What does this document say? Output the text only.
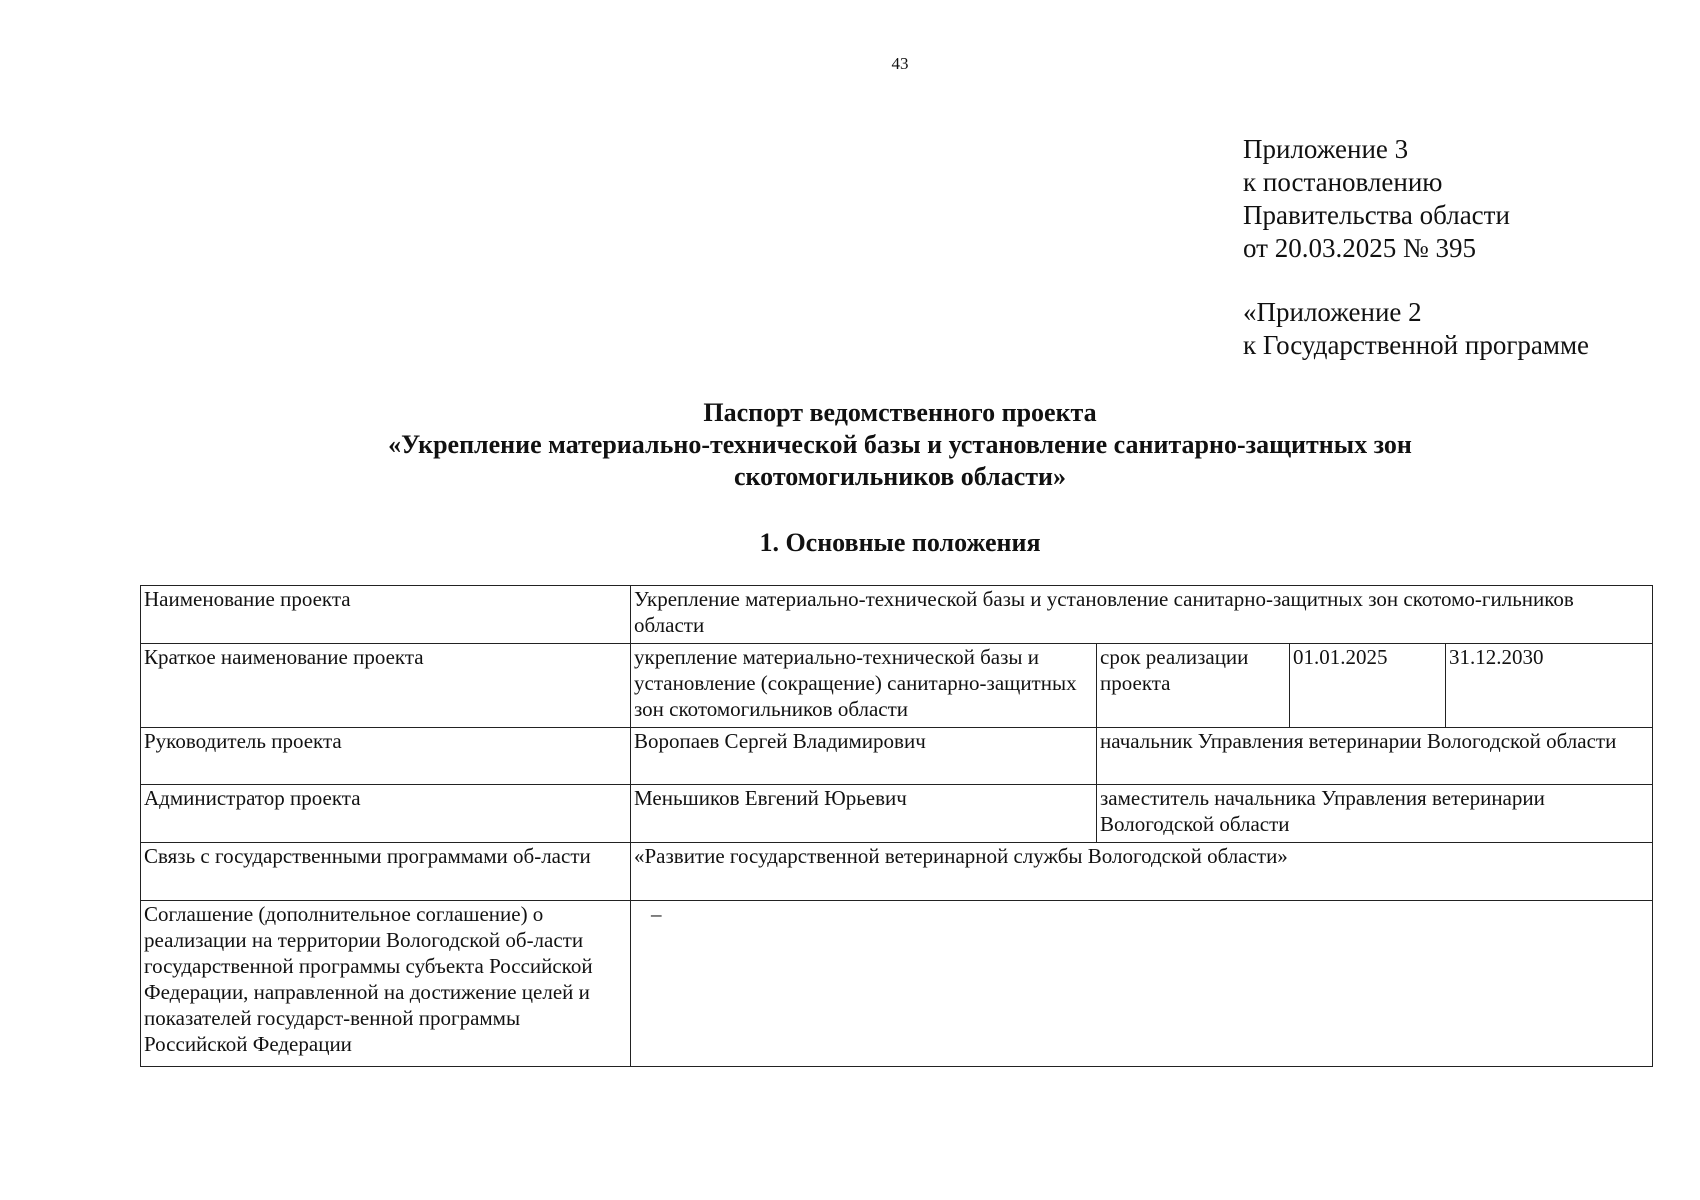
43
Приложение 3
к постановлению
Правительства области
от 20.03.2025 № 395
«Приложение 2
к Государственной программе
Паспорт ведомственного проекта
«Укрепление материально-технической базы и установление санитарно-защитных зон
скотомогильников области»
1. Основные положения
Наименование проекта	Укрепление материально-технической базы и установление санитарно-защитных зон скотомо-гильников области			
Краткое наименование проекта	укрепление материально-технической базы и установление (сокращение) санитарно-защитных зон скотомогильников области	срок реализации проекта	01.01.2025	31.12.2030
Руководитель проекта	Воропаев Сергей Владимирович	начальник Управления ветеринарии Вологодской области		
Администратор проекта	Меньшиков Евгений Юрьевич	заместитель начальника Управления ветеринарии Вологодской области		
Связь с государственными программами об-ласти	«Развитие государственной ветеринарной службы Вологодской области»			
Соглашение (дополнительное соглашение) о реализации на территории Вологодской об-ласти государственной программы субъекта Российской Федерации, направленной на достижение целей и показателей государст-венной программы Российской Федерации	–			
